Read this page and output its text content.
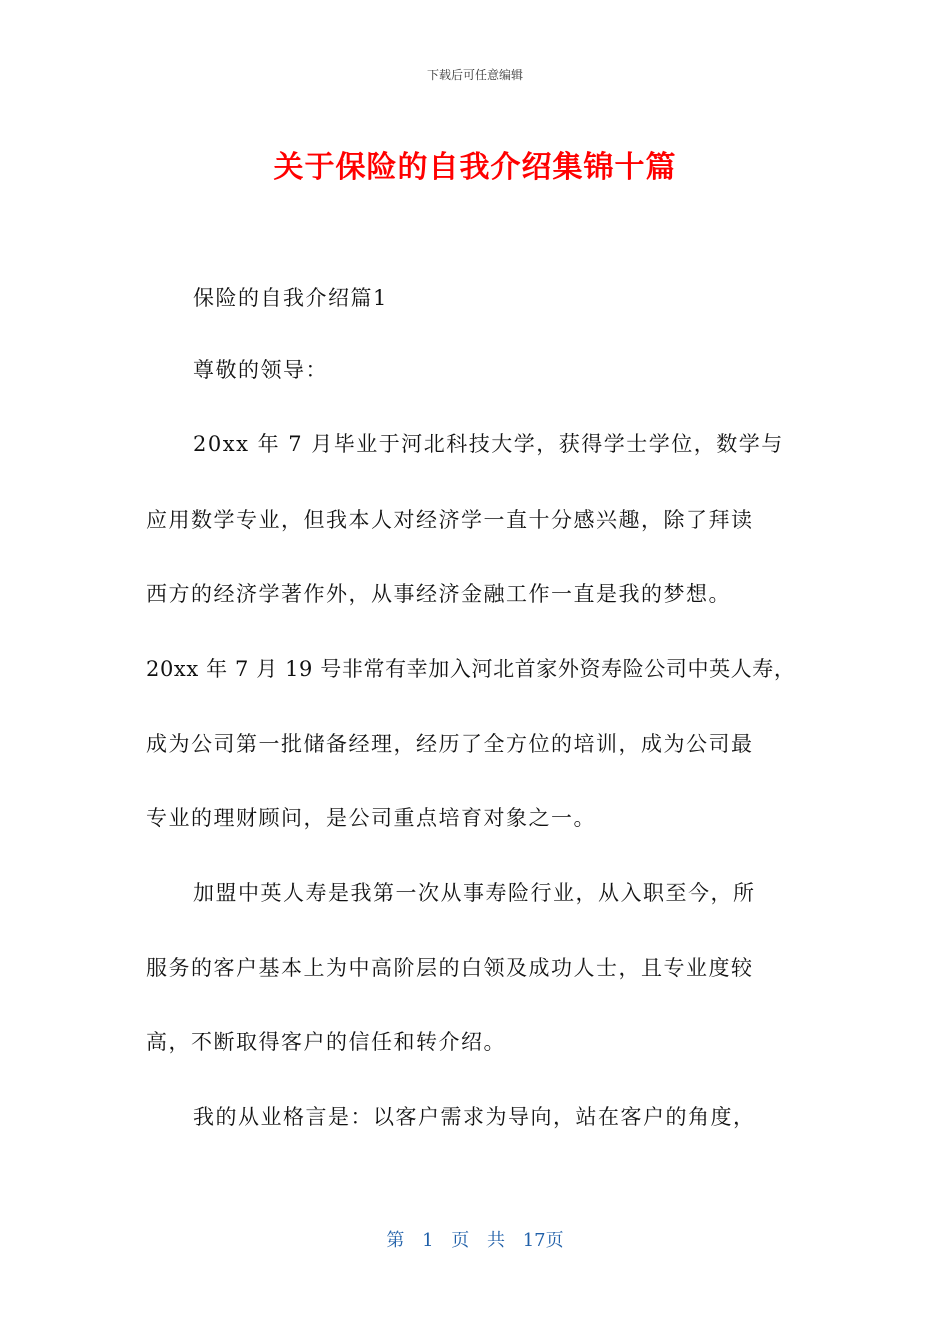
下载后可任意编辑
关于保险的自我介绍集锦十篇
保险的自我介绍篇1
尊敬的领导：
20xx 年 7 月毕业于河北科技大学，获得学士学位，数学与
应用数学专业，但我本人对经济学一直十分感兴趣，除了拜读
西方的经济学著作外，从事经济金融工作一直是我的梦想。
20xx 年 7 月 19 号非常有幸加入河北首家外资寿险公司中英人寿，
成为公司第一批储备经理，经历了全方位的培训，成为公司最
专业的理财顾问，是公司重点培育对象之一。
加盟中英人寿是我第一次从事寿险行业，从入职至今，所
服务的客户基本上为中高阶层的白领及成功人士，且专业度较
高，不断取得客户的信任和转介绍。
我的从业格言是：以客户需求为导向，站在客户的角度，
第 1 页 共 17页
